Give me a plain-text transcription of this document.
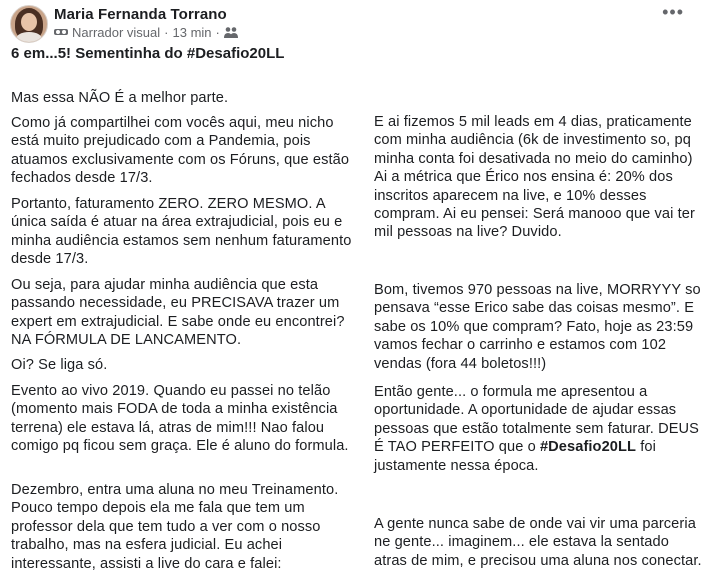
Maria Fernanda Torrano
Narrador visual · 13 min ·
•••
6 em...5! Sementinha do #Desafio20LL

Mas essa NÃO É a melhor parte.

Como já compartilhei com vocês aqui, meu nicho está muito prejudicado com a Pandemia, pois atuamos exclusivamente com os Fóruns, que estão fechados desde 17/3.

Portanto, faturamento ZERO. ZERO MESMO. A única saída é atuar na área extrajudicial, pois eu e minha audiência estamos sem nenhum faturamento desde 17/3.

Ou seja, para ajudar minha audiência que esta passando necessidade, eu PRECISAVA trazer um expert em extrajudicial. E sabe onde eu encontrei? NA FÓRMULA DE LANCAMENTO.

Oi? Se liga só.

Evento ao vivo 2019. Quando eu passei no telão (momento mais FODA de toda a minha existência terrena) ele estava lá, atras de mim!!! Nao falou comigo pq ficou sem graça. Ele é aluno do formula.

Dezembro, entra uma aluna no meu Treinamento. Pouco tempo depois ela me fala que tem um professor dela que tem tudo a ver com o nosso trabalho, mas na esfera judicial. Eu achei interessante, assisti a live do cara e falei:

E ai fizemos 5 mil leads em 4 dias, praticamente com minha audiência (6k de investimento so, pq minha conta foi desativada no meio do caminho) Ai a métrica que Érico nos ensina é: 20% dos inscritos aparecem na live, e 10% desses compram. Ai eu pensei: Será manooo que vai ter mil pessoas na live? Duvido.

Bom, tivemos 970 pessoas na live, MORRYYY so pensava “esse Erico sabe das coisas mesmo”. E sabe os 10% que compram? Fato, hoje as 23:59 vamos fechar o carrinho e estamos com 102 vendas (fora 44 boletos!!!)

Então gente... o formula me apresentou a oportunidade. A oportunidade de ajudar essas pessoas que estão totalmente sem faturar. DEUS É TAO PERFEITO que o #Desafio20LL foi justamente nessa época.

A gente nunca sabe de onde vai vir uma parceria ne gente... imaginem... ele estava la sentado atras de mim, e precisou uma aluna nos conectar.
